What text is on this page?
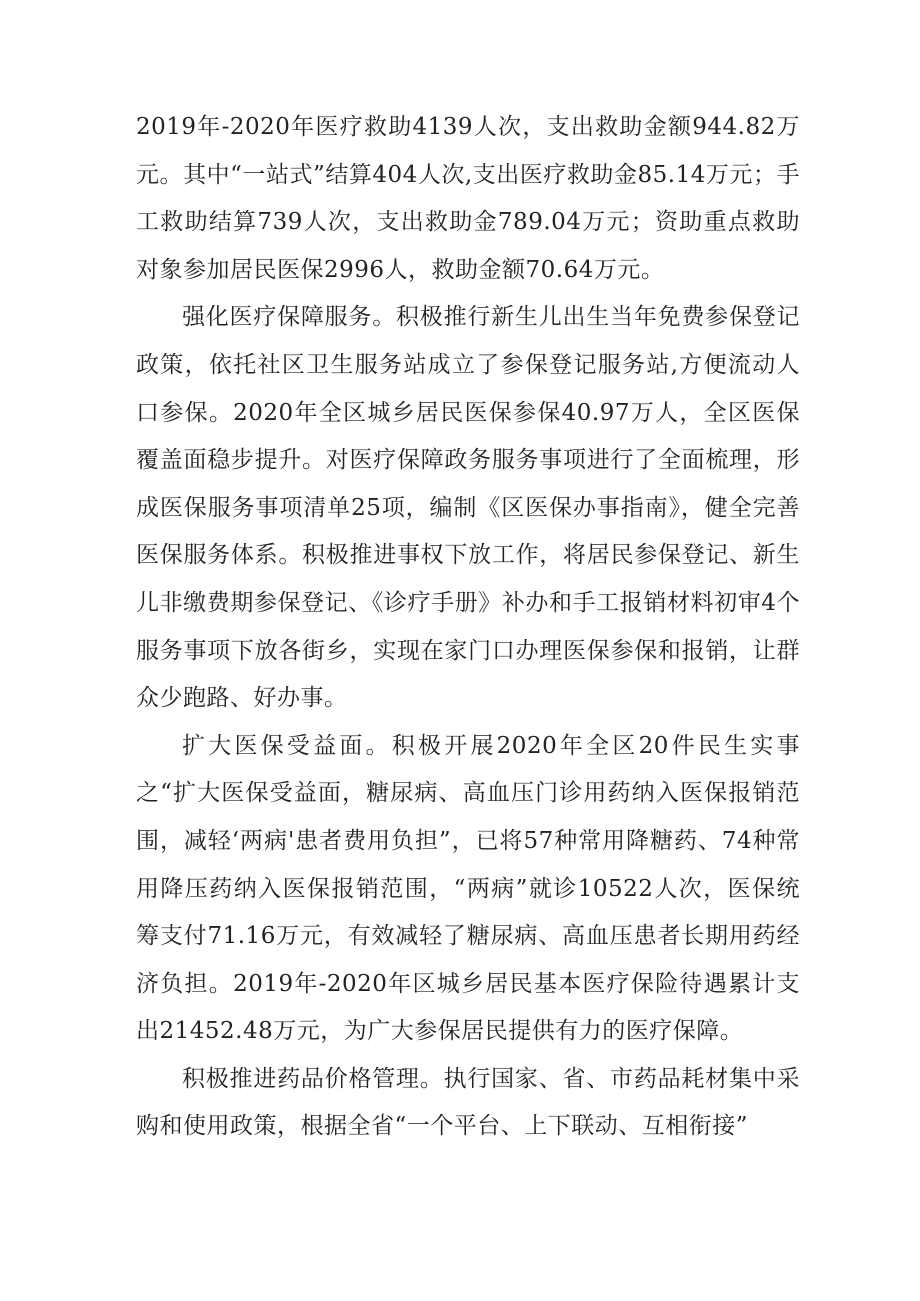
2019年-2020年医疗救助4139人次，支出救助金额944.82万元。其中“一站式”结算404人次,支出医疗救助金85.14万元；手工救助结算739人次，支出救助金789.04万元；资助重点救助对象参加居民医保2996人，救助金额70.64万元。

强化医疗保障服务。积极推行新生儿出生当年免费参保登记政策，依托社区卫生服务站成立了参保登记服务站,方便流动人口参保。2020年全区城乡居民医保参保40.97万人，全区医保覆盖面稳步提升。对医疗保障政务服务事项进行了全面梳理，形成医保服务事项清单25项，编制《区医保办事指南》，健全完善医保服务体系。积极推进事权下放工作，将居民参保登记、新生儿非缴费期参保登记、《诊疗手册》补办和手工报销材料初审4个服务事项下放各街乡，实现在家门口办理医保参保和报销，让群众少跑路、好办事。

扩大医保受益面。积极开展2020年全区20件民生实事之“扩大医保受益面，糖尿病、高血压门诊用药纳入医保报销范围，减轻‘两病'患者费用负担”，已将57种常用降糖药、74种常用降压药纳入医保报销范围，“两病”就诊10522人次，医保统筹支付71.16万元，有效减轻了糖尿病、高血压患者长期用药经济负担。2019年-2020年区城乡居民基本医疗保险待遇累计支出21452.48万元，为广大参保居民提供有力的医疗保障。

积极推进药品价格管理。执行国家、省、市药品耗材集中采购和使用政策，根据全省“一个平台、上下联动、互相衔接”
